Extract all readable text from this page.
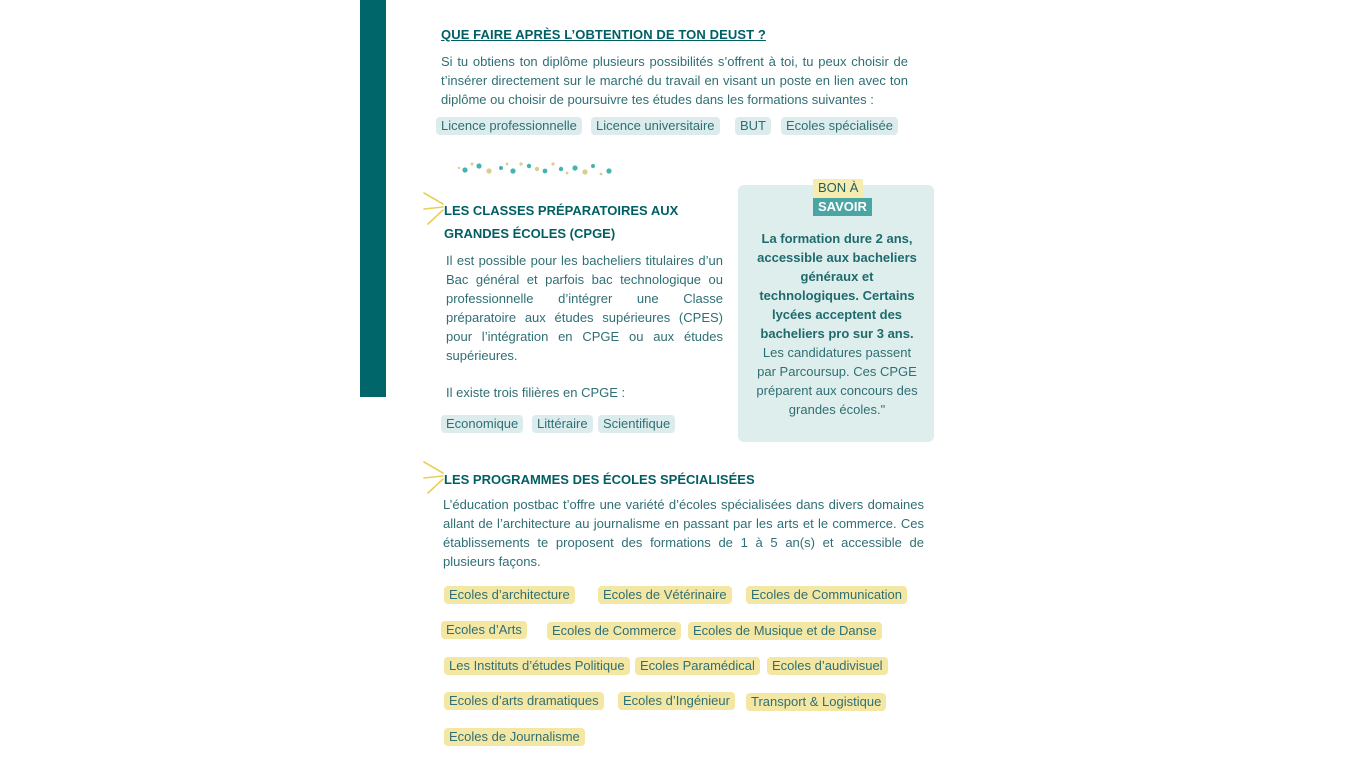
QUE FAIRE APRÈS L’OBTENTION DE TON DEUST ?
Si tu obtiens ton diplôme plusieurs possibilités s’offrent à toi, tu peux choisir de t’insérer directement sur le marché du travail en visant un poste en lien avec ton diplôme ou choisir de poursuivre tes études dans les formations suivantes :
Licence professionnelle	Licence universitaire	BUT	Ecoles spécialisée
LES CLASSES PRÉPARATOIRES AUX GRANDES ÉCOLES (CPGE)
Il est possible pour les bacheliers titulaires d’un Bac général et parfois bac technologique ou professionnelle d’intégrer une Classe préparatoire aux études supérieures (CPES) pour l’intégration en CPGE ou aux études supérieures.
Il existe trois filières en CPGE :
Economique	Littéraire	Scientifique
BON À
SAVOIR
La formation dure 2 ans, accessible aux bacheliers généraux et technologiques. Certains lycées acceptent des bacheliers pro sur 3 ans.
Les candidatures passent par Parcoursup. Ces CPGE préparent aux concours des grandes écoles."
LES PROGRAMMES DES ÉCOLES SPÉCIALISÉES
L’éducation postbac t’offre une variété d’écoles spécialisées dans divers domaines allant de l’architecture au journalisme en passant par les arts et le commerce. Ces établissements te proposent des formations de 1 à 5 an(s) et accessible de plusieurs façons.
Ecoles d’architecture	Ecoles de Vétérinaire	Ecoles de Communication
Ecoles d’Arts	Ecoles de Commerce	Ecoles de Musique et de Danse
Les Instituts d’études Politique	Ecoles Paramédical	Ecoles d’audivisuel
Ecoles d’arts dramatiques	Ecoles d’Ingénieur	Transport & Logistique
Ecoles de Journalisme
